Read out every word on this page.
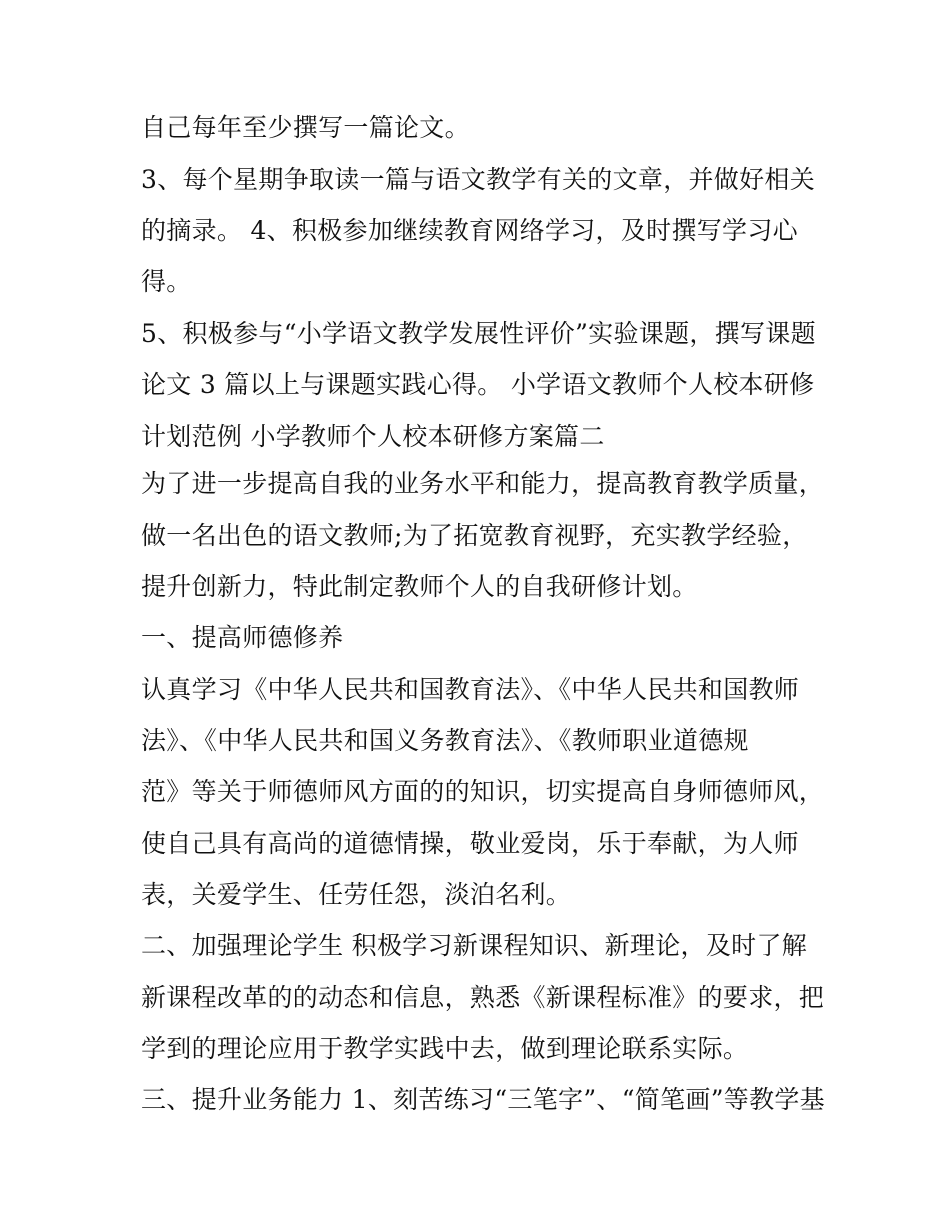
自己每年至少撰写一篇论文。
3、每个星期争取读一篇与语文教学有关的文章，并做好相关
的摘录。 4、积极参加继续教育网络学习，及时撰写学习心
得。
5、积极参与“小学语文教学发展性评价”实验课题，撰写课题
论文 3 篇以上与课题实践心得。 小学语文教师个人校本研修
计划范例 小学教师个人校本研修方案篇二
为了进一步提高自我的业务水平和能力，提高教育教学质量，
做一名出色的语文教师;为了拓宽教育视野，充实教学经验，
提升创新力，特此制定教师个人的自我研修计划。
一、提高师德修养
认真学习《中华人民共和国教育法》、《中华人民共和国教师
法》、《中华人民共和国义务教育法》、《教师职业道德规
范》等关于师德师风方面的的知识，切实提高自身师德师风，
使自己具有高尚的道德情操，敬业爱岗，乐于奉献，为人师
表，关爱学生、任劳任怨，淡泊名利。
二、加强理论学生 积极学习新课程知识、新理论，及时了解
新课程改革的的动态和信息，熟悉《新课程标准》的要求，把
学到的理论应用于教学实践中去，做到理论联系实际。
三、提升业务能力 1、刻苦练习“三笔字”、“简笔画”等教学基
